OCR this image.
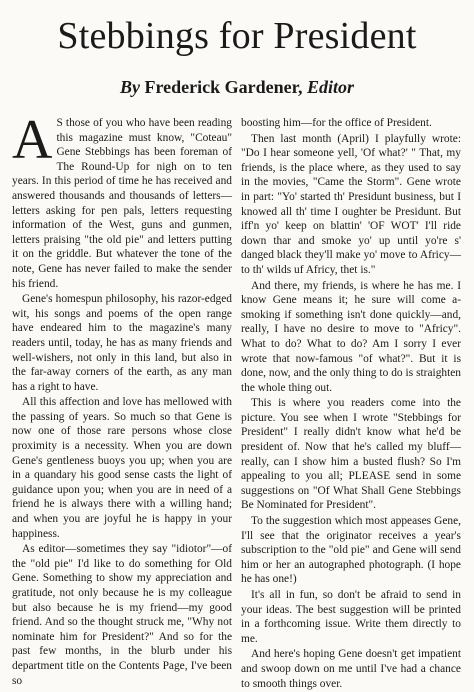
Stebbings for President
By Frederick Gardener, Editor

A S those of you who have been reading this magazine must know, "Coteau" Gene Stebbings has been foreman of The Round-Up for nigh on to ten years. In this period of time he has received and answered thousands and thousands of letters—letters asking for pen pals, letters requesting information of the West, guns and gunmen, letters praising "the old pie" and letters putting it on the griddle. But whatever the tone of the note, Gene has never failed to make the sender his friend.

Gene's homespun philosophy, his razor-edged wit, his songs and poems of the open range have endeared him to the magazine's many readers until, today, he has as many friends and well-wishers, not only in this land, but also in the far-away corners of the earth, as any man has a right to have.

All this affection and love has mellowed with the passing of years. So much so that Gene is now one of those rare persons whose close proximity is a necessity. When you are down Gene's gentleness buoys you up; when you are in a quandary his good sense casts the light of guidance upon you; when you are in need of a friend he is always there with a willing hand; and when you are joyful he is happy in your happiness.

As editor—sometimes they say "idiotor"—of the "old pie" I'd like to do something for Old Gene. Something to show my appreciation and gratitude, not only because he is my colleague but also because he is my friend—my good friend. And so the thought struck me, "Why not nominate him for President?" And so for the past few months, in the blurb under his department title on the Contents Page, I've been so

boosting him—for the office of President.

Then last month (April) I playfully wrote: "Do I hear someone yell, 'Of what?' " That, my friends, is the place where, as they used to say in the movies, "Came the Storm". Gene wrote in part: "Yo' started th' Presidunt business, but I knowed all th' time I oughter be Presidunt. But iff'n yo' keep on blattin' 'OF WOT' I'll ride down thar and smoke yo' up until yo're s' danged black they'll make yo' move to Africy—to th' wilds uf Africy, thet is."

And there, my friends, is where he has me. I know Gene means it; he sure will come a-smoking if something isn't done quickly—and, really, I have no desire to move to "Africy". What to do? What to do? Am I sorry I ever wrote that now-famous "of what?". But it is done, now, and the only thing to do is straighten the whole thing out.

This is where you readers come into the picture. You see when I wrote "Stebbings for President" I really didn't know what he'd be president of. Now that he's called my bluff—really, can I show him a busted flush? So I'm appealing to you all; PLEASE send in some suggestions on "Of What Shall Gene Stebbings Be Nominated for President".

To the suggestion which most appeases Gene, I'll see that the originator receives a year's subscription to the "old pie" and Gene will send him or her an autographed photograph. (I hope he has one!)

It's all in fun, so don't be afraid to send in your ideas. The best suggestion will be printed in a forthcoming issue. Write them directly to me.

And here's hoping Gene doesn't get impatient and swoop down on me until I've had a chance to smooth things over.
